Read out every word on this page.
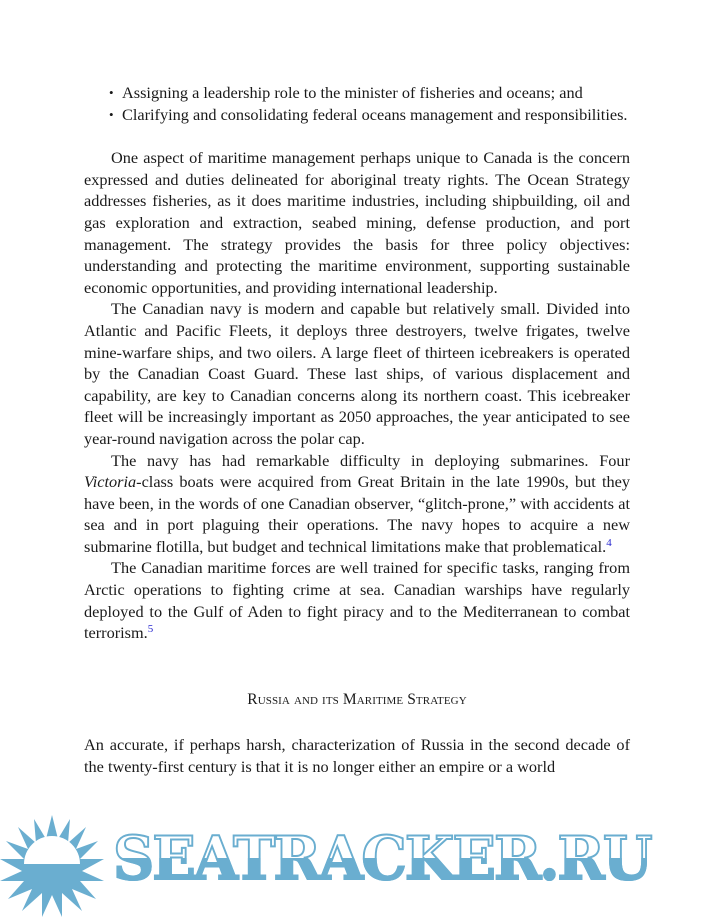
• Assigning a leadership role to the minister of fisheries and oceans; and
• Clarifying and consolidating federal oceans management and responsibilities.

One aspect of maritime management perhaps unique to Canada is the concern expressed and duties delineated for aboriginal treaty rights. The Ocean Strategy addresses fisheries, as it does maritime industries, including shipbuilding, oil and gas exploration and extraction, seabed mining, defense production, and port management. The strategy provides the basis for three policy objectives: understanding and protecting the maritime environment, supporting sustainable economic opportunities, and providing international leadership.

The Canadian navy is modern and capable but relatively small. Divided into Atlantic and Pacific Fleets, it deploys three destroyers, twelve frigates, twelve mine-warfare ships, and two oilers. A large fleet of thirteen icebreakers is operated by the Canadian Coast Guard. These last ships, of various displacement and capability, are key to Canadian concerns along its northern coast. This icebreaker fleet will be increasingly important as 2050 approaches, the year anticipated to see year-round navigation across the polar cap.

The navy has had remarkable difficulty in deploying submarines. Four Victoria-class boats were acquired from Great Britain in the late 1990s, but they have been, in the words of one Canadian observer, “glitch-prone,” with accidents at sea and in port plaguing their operations. The navy hopes to acquire a new submarine flotilla, but budget and technical limitations make that problematical.$^4$

The Canadian maritime forces are well trained for specific tasks, ranging from Arctic operations to fighting crime at sea. Canadian warships have regularly deployed to the Gulf of Aden to fight piracy and to the Mediterranean to combat terrorism.$^5$

Russia and its Maritime Strategy

An accurate, if perhaps harsh, characterization of Russia in the second decade of the twenty-first century is that it is no longer either an empire or a world

SEATRACKER.RU
